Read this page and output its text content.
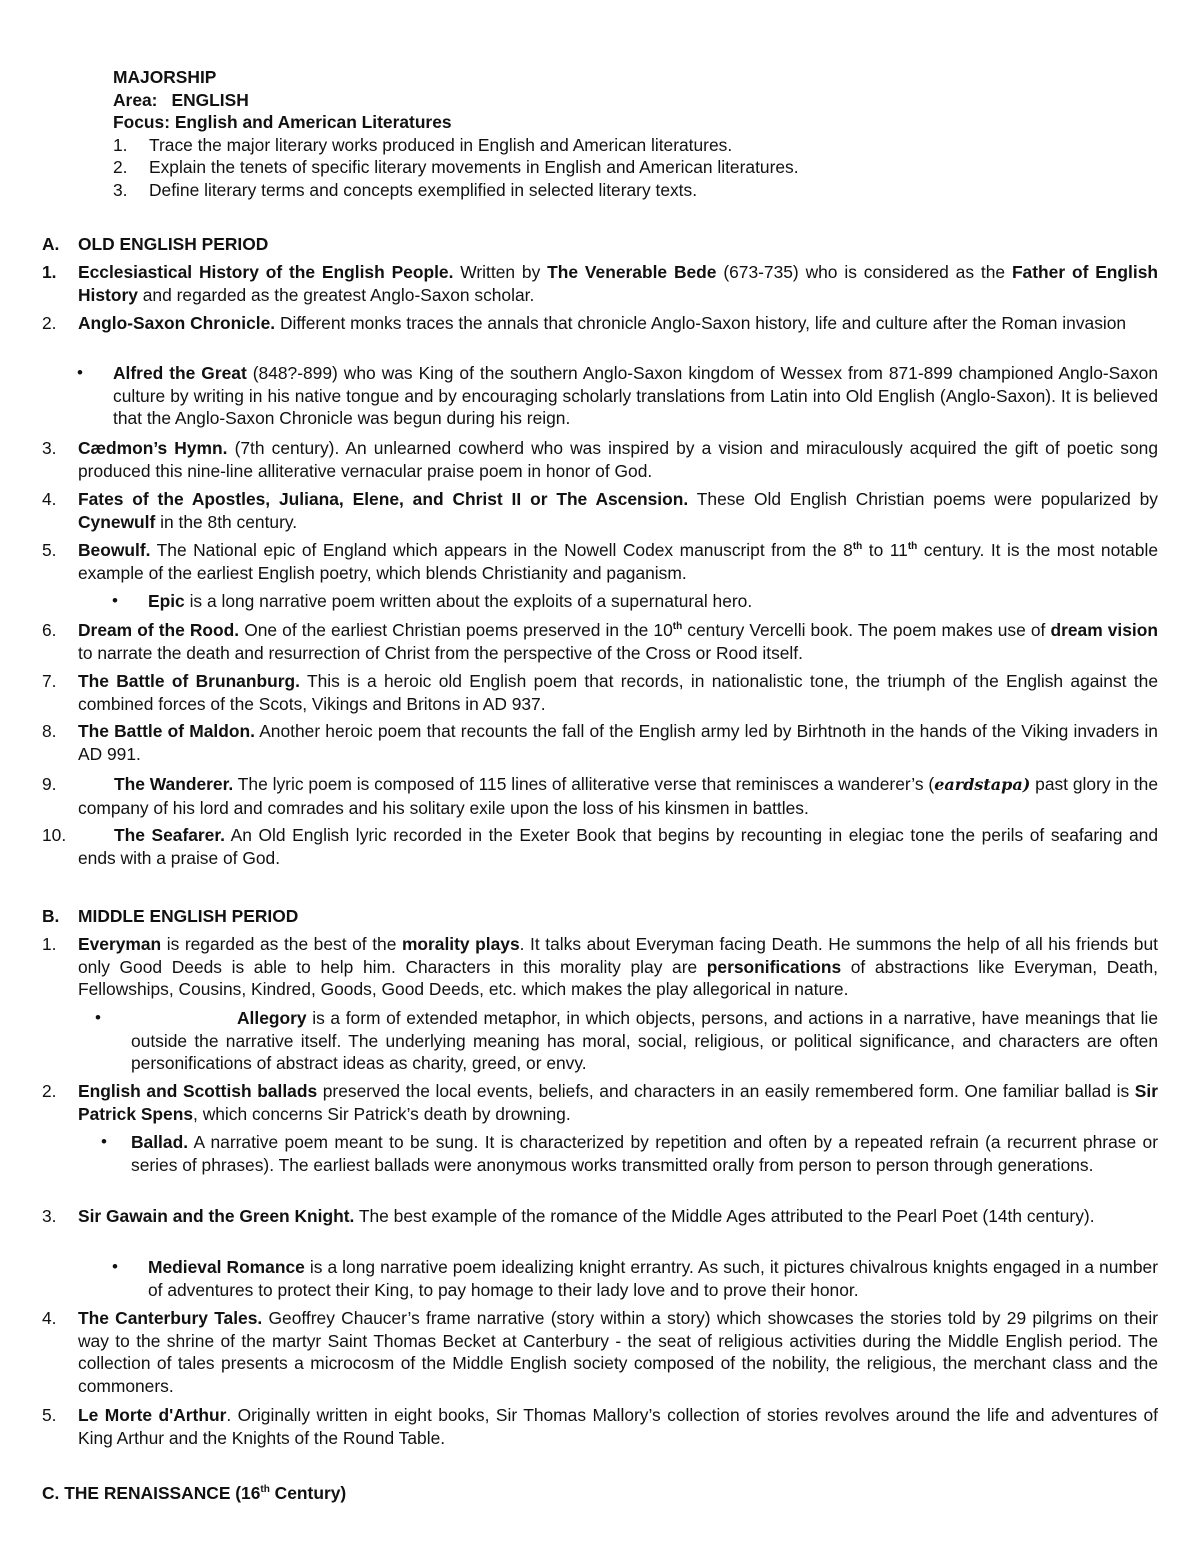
MAJORSHIP
Area: ENGLISH
Focus: English and American Literatures
1. Trace the major literary works produced in English and American literatures.
2. Explain the tenets of specific literary movements in English and American literatures.
3. Define literary terms and concepts exemplified in selected literary texts.
A. OLD ENGLISH PERIOD
1. Ecclesiastical History of the English People. Written by The Venerable Bede (673-735) who is considered as the Father of English History and regarded as the greatest Anglo-Saxon scholar.
2. Anglo-Saxon Chronicle. Different monks traces the annals that chronicle Anglo-Saxon history, life and culture after the Roman invasion
• Alfred the Great (848?-899) who was King of the southern Anglo-Saxon kingdom of Wessex from 871-899 championed Anglo-Saxon culture by writing in his native tongue and by encouraging scholarly translations from Latin into Old English (Anglo-Saxon). It is believed that the Anglo-Saxon Chronicle was begun during his reign.
3. Cædmon’s Hymn. (7th century). An unlearned cowherd who was inspired by a vision and miraculously acquired the gift of poetic song produced this nine-line alliterative vernacular praise poem in honor of God.
4. Fates of the Apostles, Juliana, Elene, and Christ II or The Ascension. These Old English Christian poems were popularized by Cynewulf in the 8th century.
5. Beowulf. The National epic of England which appears in the Nowell Codex manuscript from the 8th to 11th century. It is the most notable example of the earliest English poetry, which blends Christianity and paganism.
• Epic is a long narrative poem written about the exploits of a supernatural hero.
6. Dream of the Rood. One of the earliest Christian poems preserved in the 10th century Vercelli book. The poem makes use of dream vision to narrate the death and resurrection of Christ from the perspective of the Cross or Rood itself.
7. The Battle of Brunanburg. This is a heroic old English poem that records, in nationalistic tone, the triumph of the English against the combined forces of the Scots, Vikings and Britons in AD 937.
8. The Battle of Maldon. Another heroic poem that recounts the fall of the English army led by Birhtnoth in the hands of the Viking invaders in AD 991.
9.	The Wanderer. The lyric poem is composed of 115 lines of alliterative verse that reminisces a wanderer’s (eardstapa) past glory in the company of his lord and comrades and his solitary exile upon the loss of his kinsmen in battles.
10.	The Seafarer. An Old English lyric recorded in the Exeter Book that begins by recounting in elegiac tone the perils of seafaring and ends with a praise of God.
B. MIDDLE ENGLISH PERIOD
1. Everyman is regarded as the best of the morality plays. It talks about Everyman facing Death. He summons the help of all his friends but only Good Deeds is able to help him. Characters in this morality play are personifications of abstractions like Everyman, Death, Fellowships, Cousins, Kindred, Goods, Good Deeds, etc. which makes the play allegorical in nature.
•	Allegory is a form of extended metaphor, in which objects, persons, and actions in a narrative, have meanings that lie outside the narrative itself. The underlying meaning has moral, social, religious, or political significance, and characters are often personifications of abstract ideas as charity, greed, or envy.
2. English and Scottish ballads preserved the local events, beliefs, and characters in an easily remembered form. One familiar ballad is Sir Patrick Spens, which concerns Sir Patrick’s death by drowning.
• Ballad. A narrative poem meant to be sung. It is characterized by repetition and often by a repeated refrain (a recurrent phrase or series of phrases). The earliest ballads were anonymous works transmitted orally from person to person through generations.
3. Sir Gawain and the Green Knight. The best example of the romance of the Middle Ages attributed to the Pearl Poet (14th century).
• Medieval Romance is a long narrative poem idealizing knight errantry. As such, it pictures chivalrous knights engaged in a number of adventures to protect their King, to pay homage to their lady love and to prove their honor.
4. The Canterbury Tales. Geoffrey Chaucer’s frame narrative (story within a story) which showcases the stories told by 29 pilgrims on their way to the shrine of the martyr Saint Thomas Becket at Canterbury - the seat of religious activities during the Middle English period. The collection of tales presents a microcosm of the Middle English society composed of the nobility, the religious, the merchant class and the commoners.
5. Le Morte d'Arthur. Originally written in eight books, Sir Thomas Mallory’s collection of stories revolves around the life and adventures of King Arthur and the Knights of the Round Table.
C. THE RENAISSANCE (16th Century)
